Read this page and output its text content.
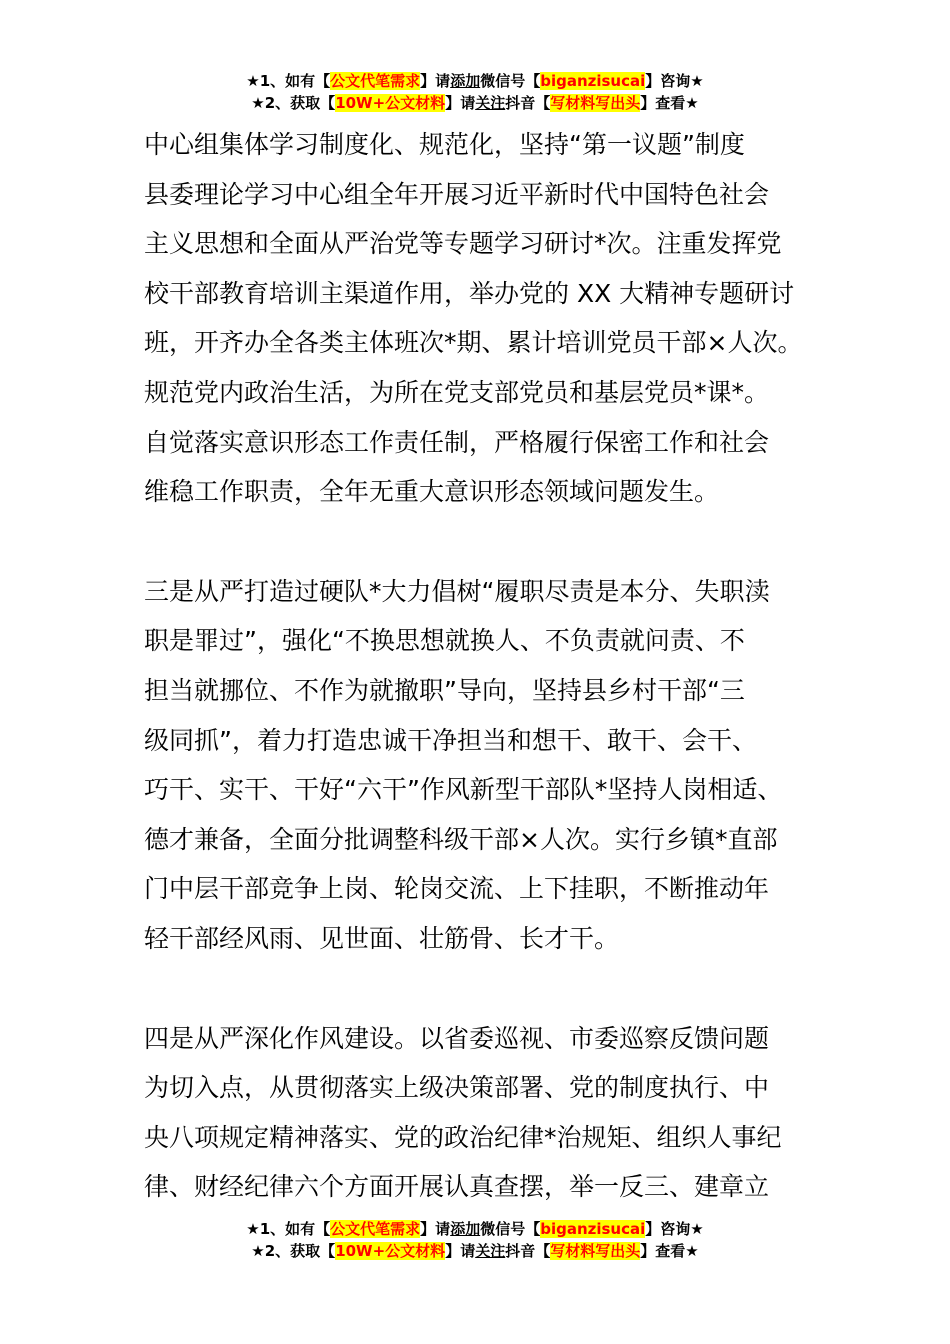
★1、如有【公文代笔需求】请添加微信号【biganzisucai】咨询★
★2、获取【10W+公文材料】请关注抖音【写材料写出头】查看★

中心组集体学习制度化、规范化，坚持“第一议题”制度
县委理论学习中心组全年开展习近平新时代中国特色社会
主义思想和全面从严治党等专题学习研讨*次。注重发挥党
校干部教育培训主渠道作用，举办党的 XX 大精神专题研讨
班，开齐办全各类主体班次*期、累计培训党员干部×人次。
规范党内政治生活，为所在党支部党员和基层党员*课*。
自觉落实意识形态工作责任制，严格履行保密工作和社会
维稳工作职责，全年无重大意识形态领域问题发生。

三是从严打造过硬队*大力倡树“履职尽责是本分、失职渎
职是罪过”，强化“不换思想就换人、不负责就问责、不
担当就挪位、不作为就撤职”导向，坚持县乡村干部“三
级同抓”，着力打造忠诚干净担当和想干、敢干、会干、
巧干、实干、干好“六干”作风新型干部队*坚持人岗相适、
德才兼备，全面分批调整科级干部×人次。实行乡镇*直部
门中层干部竞争上岗、轮岗交流、上下挂职，不断推动年
轻干部经风雨、见世面、壮筋骨、长才干。

四是从严深化作风建设。以省委巡视、市委巡察反馈问题
为切入点，从贯彻落实上级决策部署、党的制度执行、中
央八项规定精神落实、党的政治纪律*治规矩、组织人事纪
律、财经纪律六个方面开展认真查摆，举一反三、建章立

★1、如有【公文代笔需求】请添加微信号【biganzisucai】咨询★
★2、获取【10W+公文材料】请关注抖音【写材料写出头】查看★
